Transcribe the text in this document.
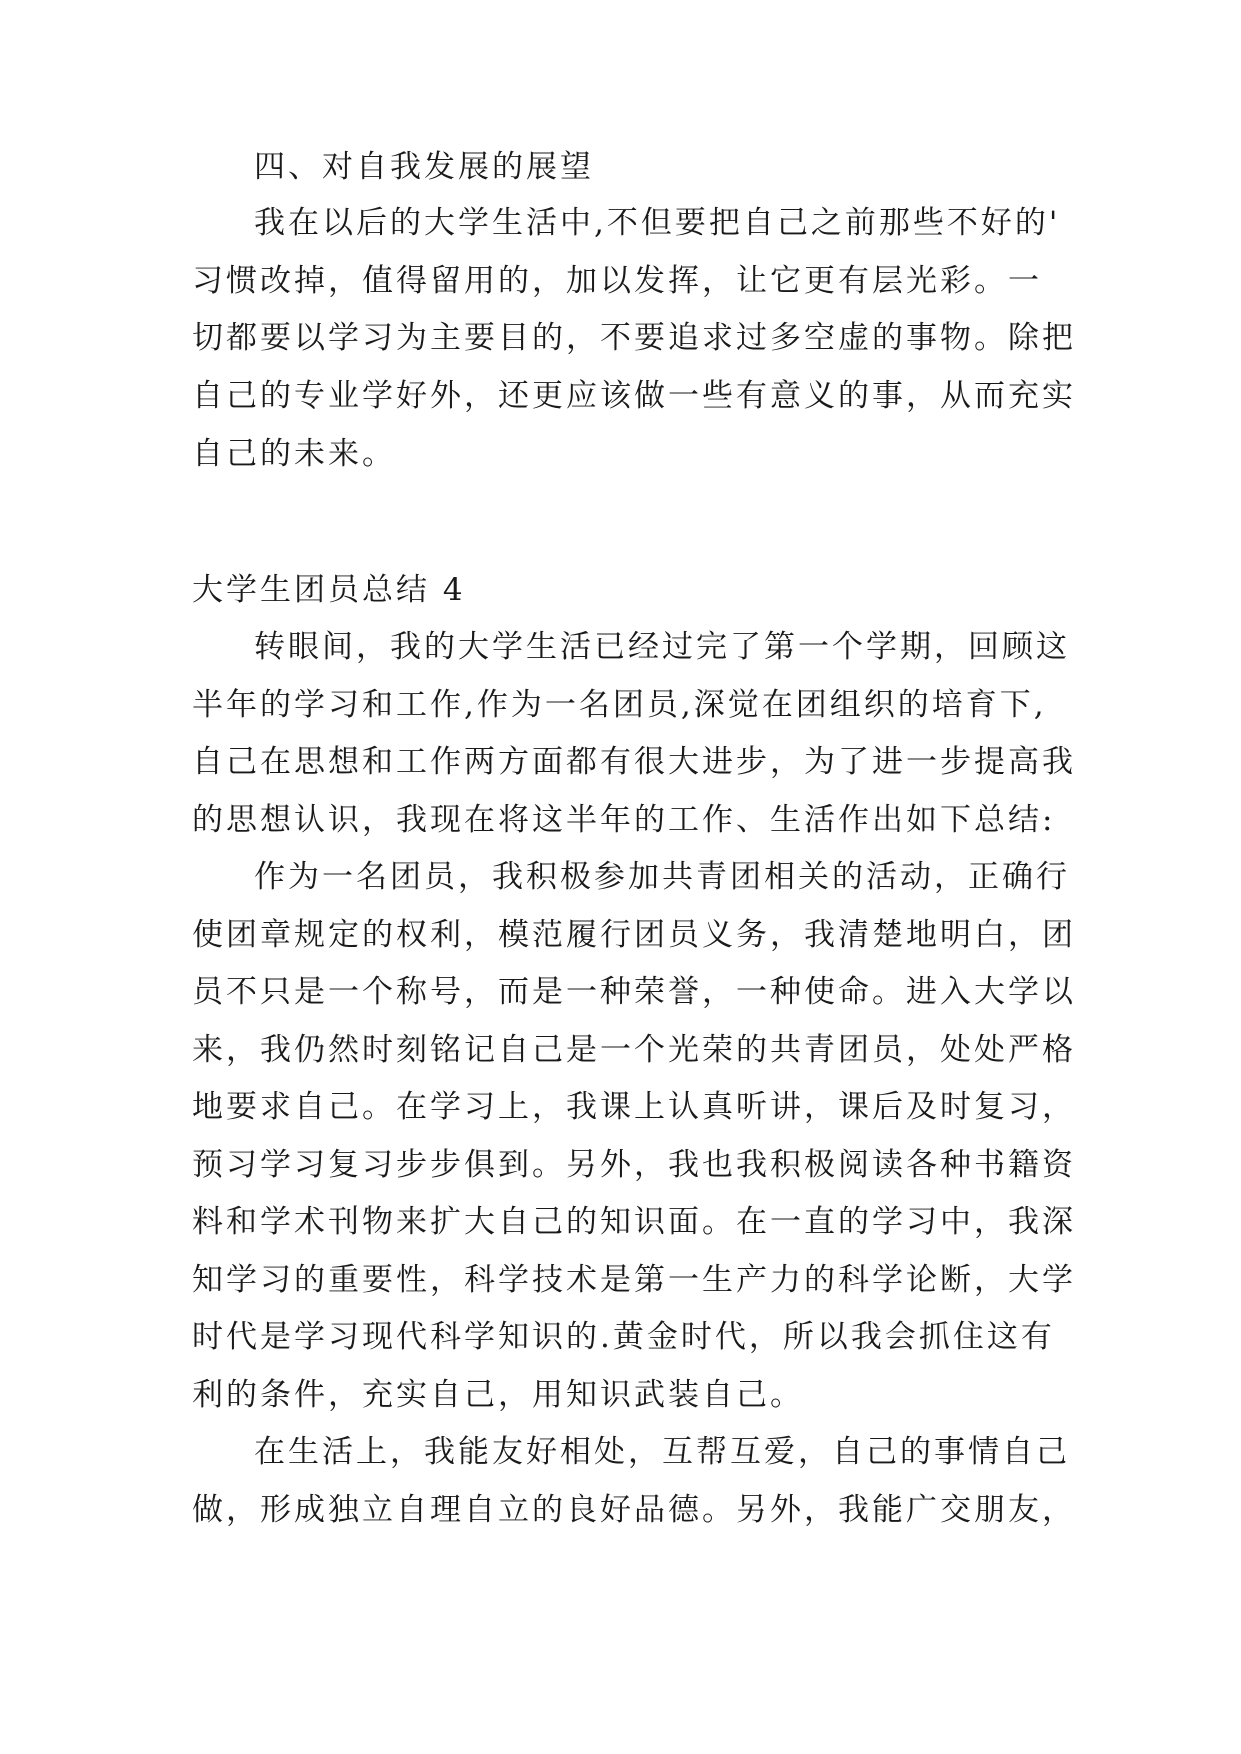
四、对自我发展的展望
我在以后的大学生活中,不但要把自己之前那些不好的'
习惯改掉，值得留用的，加以发挥，让它更有层光彩。一
切都要以学习为主要目的，不要追求过多空虚的事物。除把
自己的专业学好外，还更应该做一些有意义的事，从而充实
自己的未来。
大学生团员总结 4
转眼间，我的大学生活已经过完了第一个学期，回顾这
半年的学习和工作,作为一名团员,深觉在团组织的培育下,
自己在思想和工作两方面都有很大进步，为了进一步提高我
的思想认识，我现在将这半年的工作、生活作出如下总结:
作为一名团员，我积极参加共青团相关的活动，正确行
使团章规定的权利，模范履行团员义务，我清楚地明白，团
员不只是一个称号，而是一种荣誉，一种使命。进入大学以
来，我仍然时刻铭记自己是一个光荣的共青团员，处处严格
地要求自己。在学习上，我课上认真听讲，课后及时复习，
预习学习复习步步俱到。另外，我也我积极阅读各种书籍资
料和学术刊物来扩大自己的知识面。在一直的学习中，我深
知学习的重要性，科学技术是第一生产力的科学论断，大学
时代是学习现代科学知识的.黄金时代，所以我会抓住这有
利的条件，充实自己，用知识武装自己。
在生活上，我能友好相处，互帮互爱，自己的事情自己
做，形成独立自理自立的良好品德。另外，我能广交朋友，
